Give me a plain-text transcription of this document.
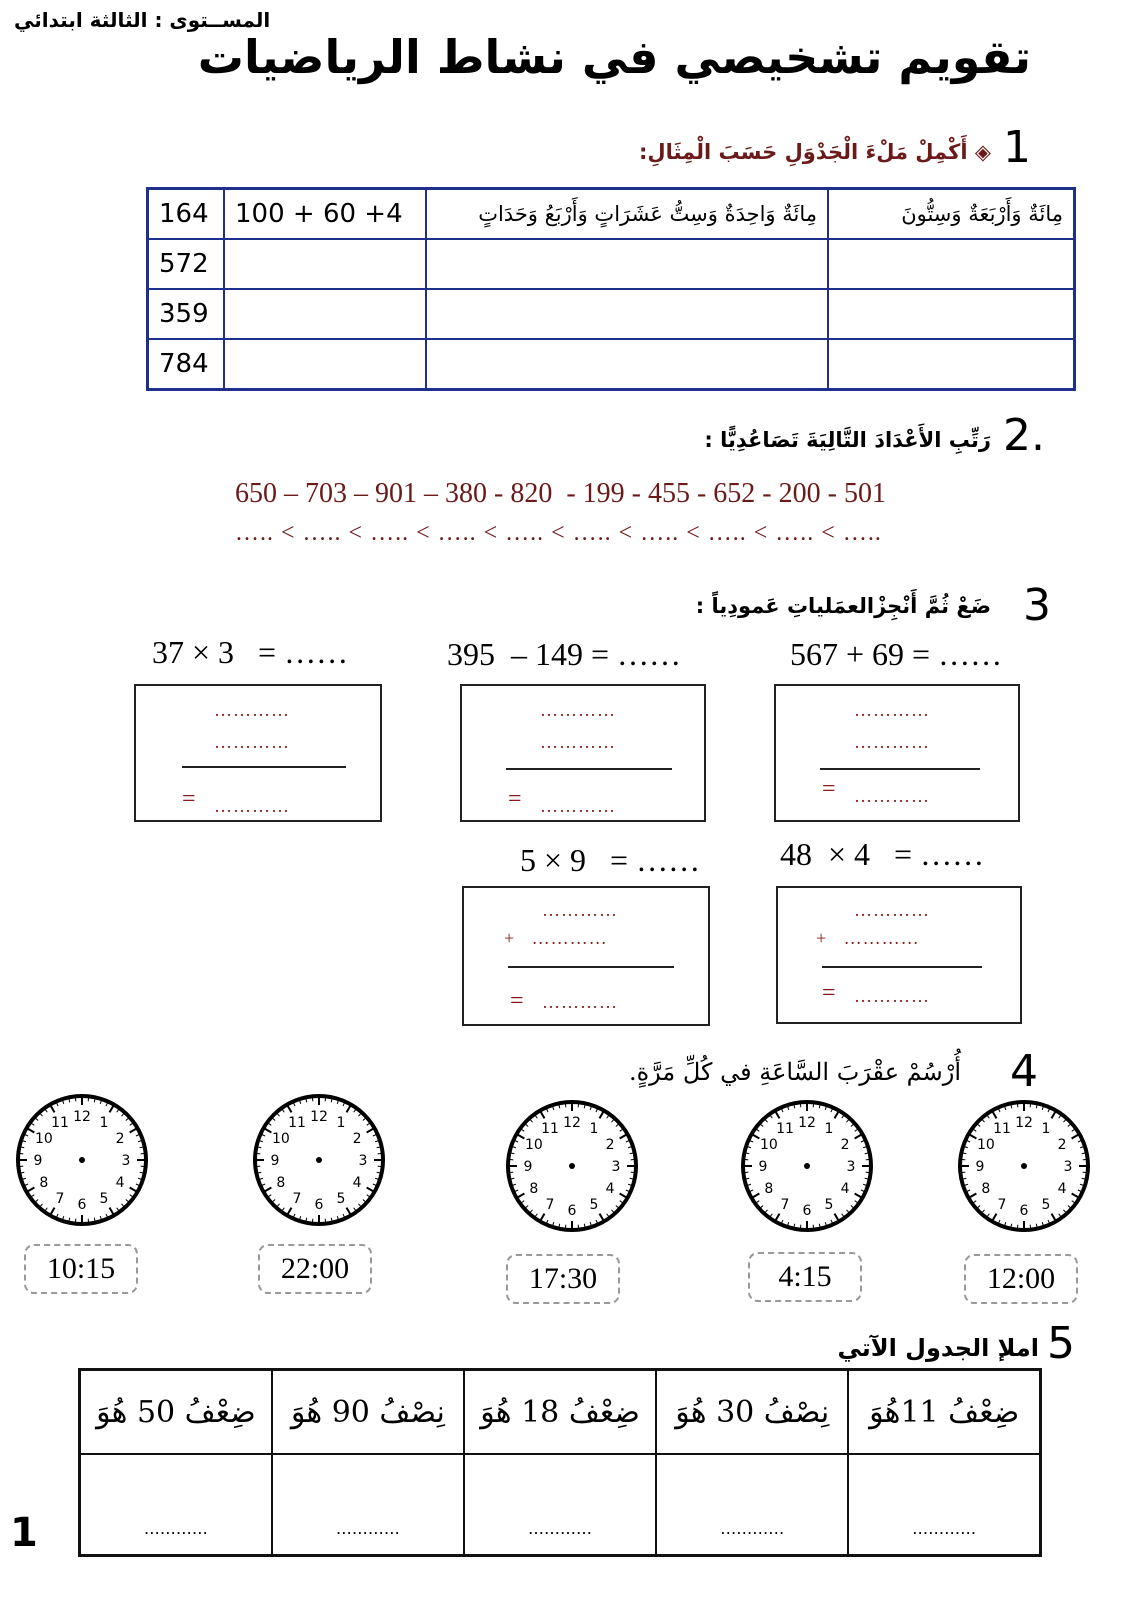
المســتوى : الثالثة ابتدائي
تقويم تشخيصي في نشاط الرياضيات
1
◈ أَكْمِلْ مَلْءَ الْجَدْوَلِ حَسَبَ الْمِثَالِ:
164	100 + 60 +4	مِائَةٌ وَاحِدَةٌ وَسِتُّ عَشَرَاتٍ وَأَرْبَعُ وَحَدَاتٍ	مِائَةٌ وَأَرْبَعَةٌ وَسِتُّونَ
572			
359			
784			
2.
رَتِّبِ الأَعْدَادَ التَّالِيَةَ تَصَاعُدِيًّا :
650 – 703 – 901 – 380 - 820  - 199 - 455 - 652 - 200 - 501
….. < ….. < ….. < ….. < ….. < ….. < ….. < ….. < ….. < …..
3
ضَعْ ثُمَّ أَنْجِزْالعمَلياتِ عَمودِياً :
567 + 69 = ……
…………
…………
= …………
395  – 149 = ……
…………
…………
= …………
37 × 3   = ……
…………
…………
= …………
48  × 4   = ……
…………
+   …………
= …………
5 × 9   = ……
…………
+   …………
= …………
4
أُرْسُمْ عقْرَبَ السَّاعَةِ في كُلِّ مَرَّةٍ.
12 1
2
3
4
5
6
7
8
9
10
11
12 1
2
3
4
5
6
7
8
9
10
11
12 1
2
3
4
5
6
7
8
9
10
11
12 1
2
3
4
5
6
7
8
9
10
11
12 1
2
3
4
5
6
7
8
9
10
11
12:00
4:15
17:30
22:00
10:15
5
املإ الجدول الآتي
ضِعْفُ 11هُوَ	نِصْفُ 30 هُوَ	ضِعْفُ 18 هُوَ	نِصْفُ 90 هُوَ	ضِعْفُ 50 هُوَ
…………	…………	…………	…………	…………
1
